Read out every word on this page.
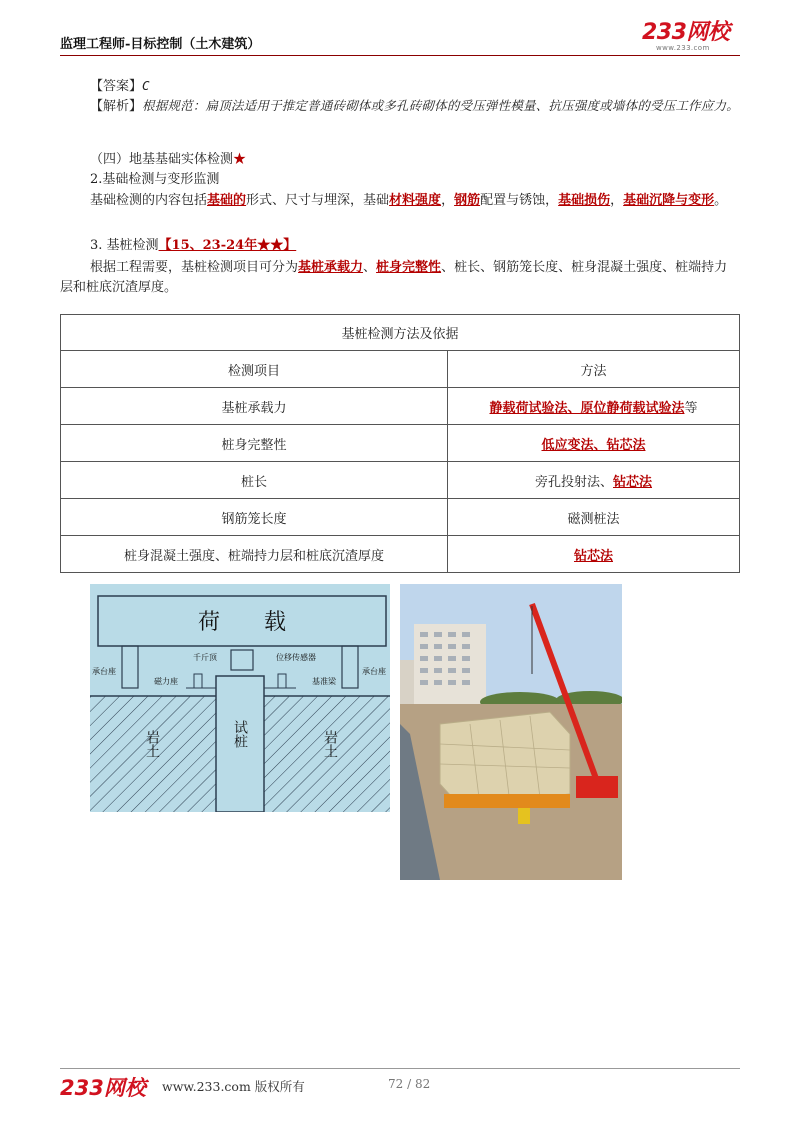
监理工程师-目标控制（土木建筑）	233网校
www.233.com
【答案】C
【解析】根据规范：扁顶法适用于推定普通砖砌体或多孔砖砌体的受压弹性模量、抗压强度或墙体的受压工作应力。
（四）地基基础实体检测★
2.基础检测与变形监测
基础检测的内容包括基础的形式、尺寸与埋深，基础材料强度，钢筋配置与锈蚀，基础损伤，基础沉降与变形。
3. 基桩检测【15、23-24年★★】
根据工程需要，基桩检测项目可分为基桩承载力、桩身完整性、桩长、钢筋笼长度、桩身混凝土强度、桩端持力层和桩底沉渣厚度。
基桩检测方法及依据	
检测项目	方法
基桩承载力	静载荷试验法、原位静荷载试验法等
桩身完整性	低应变法、钻芯法
桩长	旁孔投射法、钻芯法
钢筋笼长度	磁测桩法
桩身混凝土强度、桩端持力层和桩底沉渣厚度	钻芯法
荷　　载
承台座	承台座
千斤顶	位移传感器
磁力座	基准梁
试桩
岩土	岩土
233网校 www.233.com 版权所有	72 / 82
